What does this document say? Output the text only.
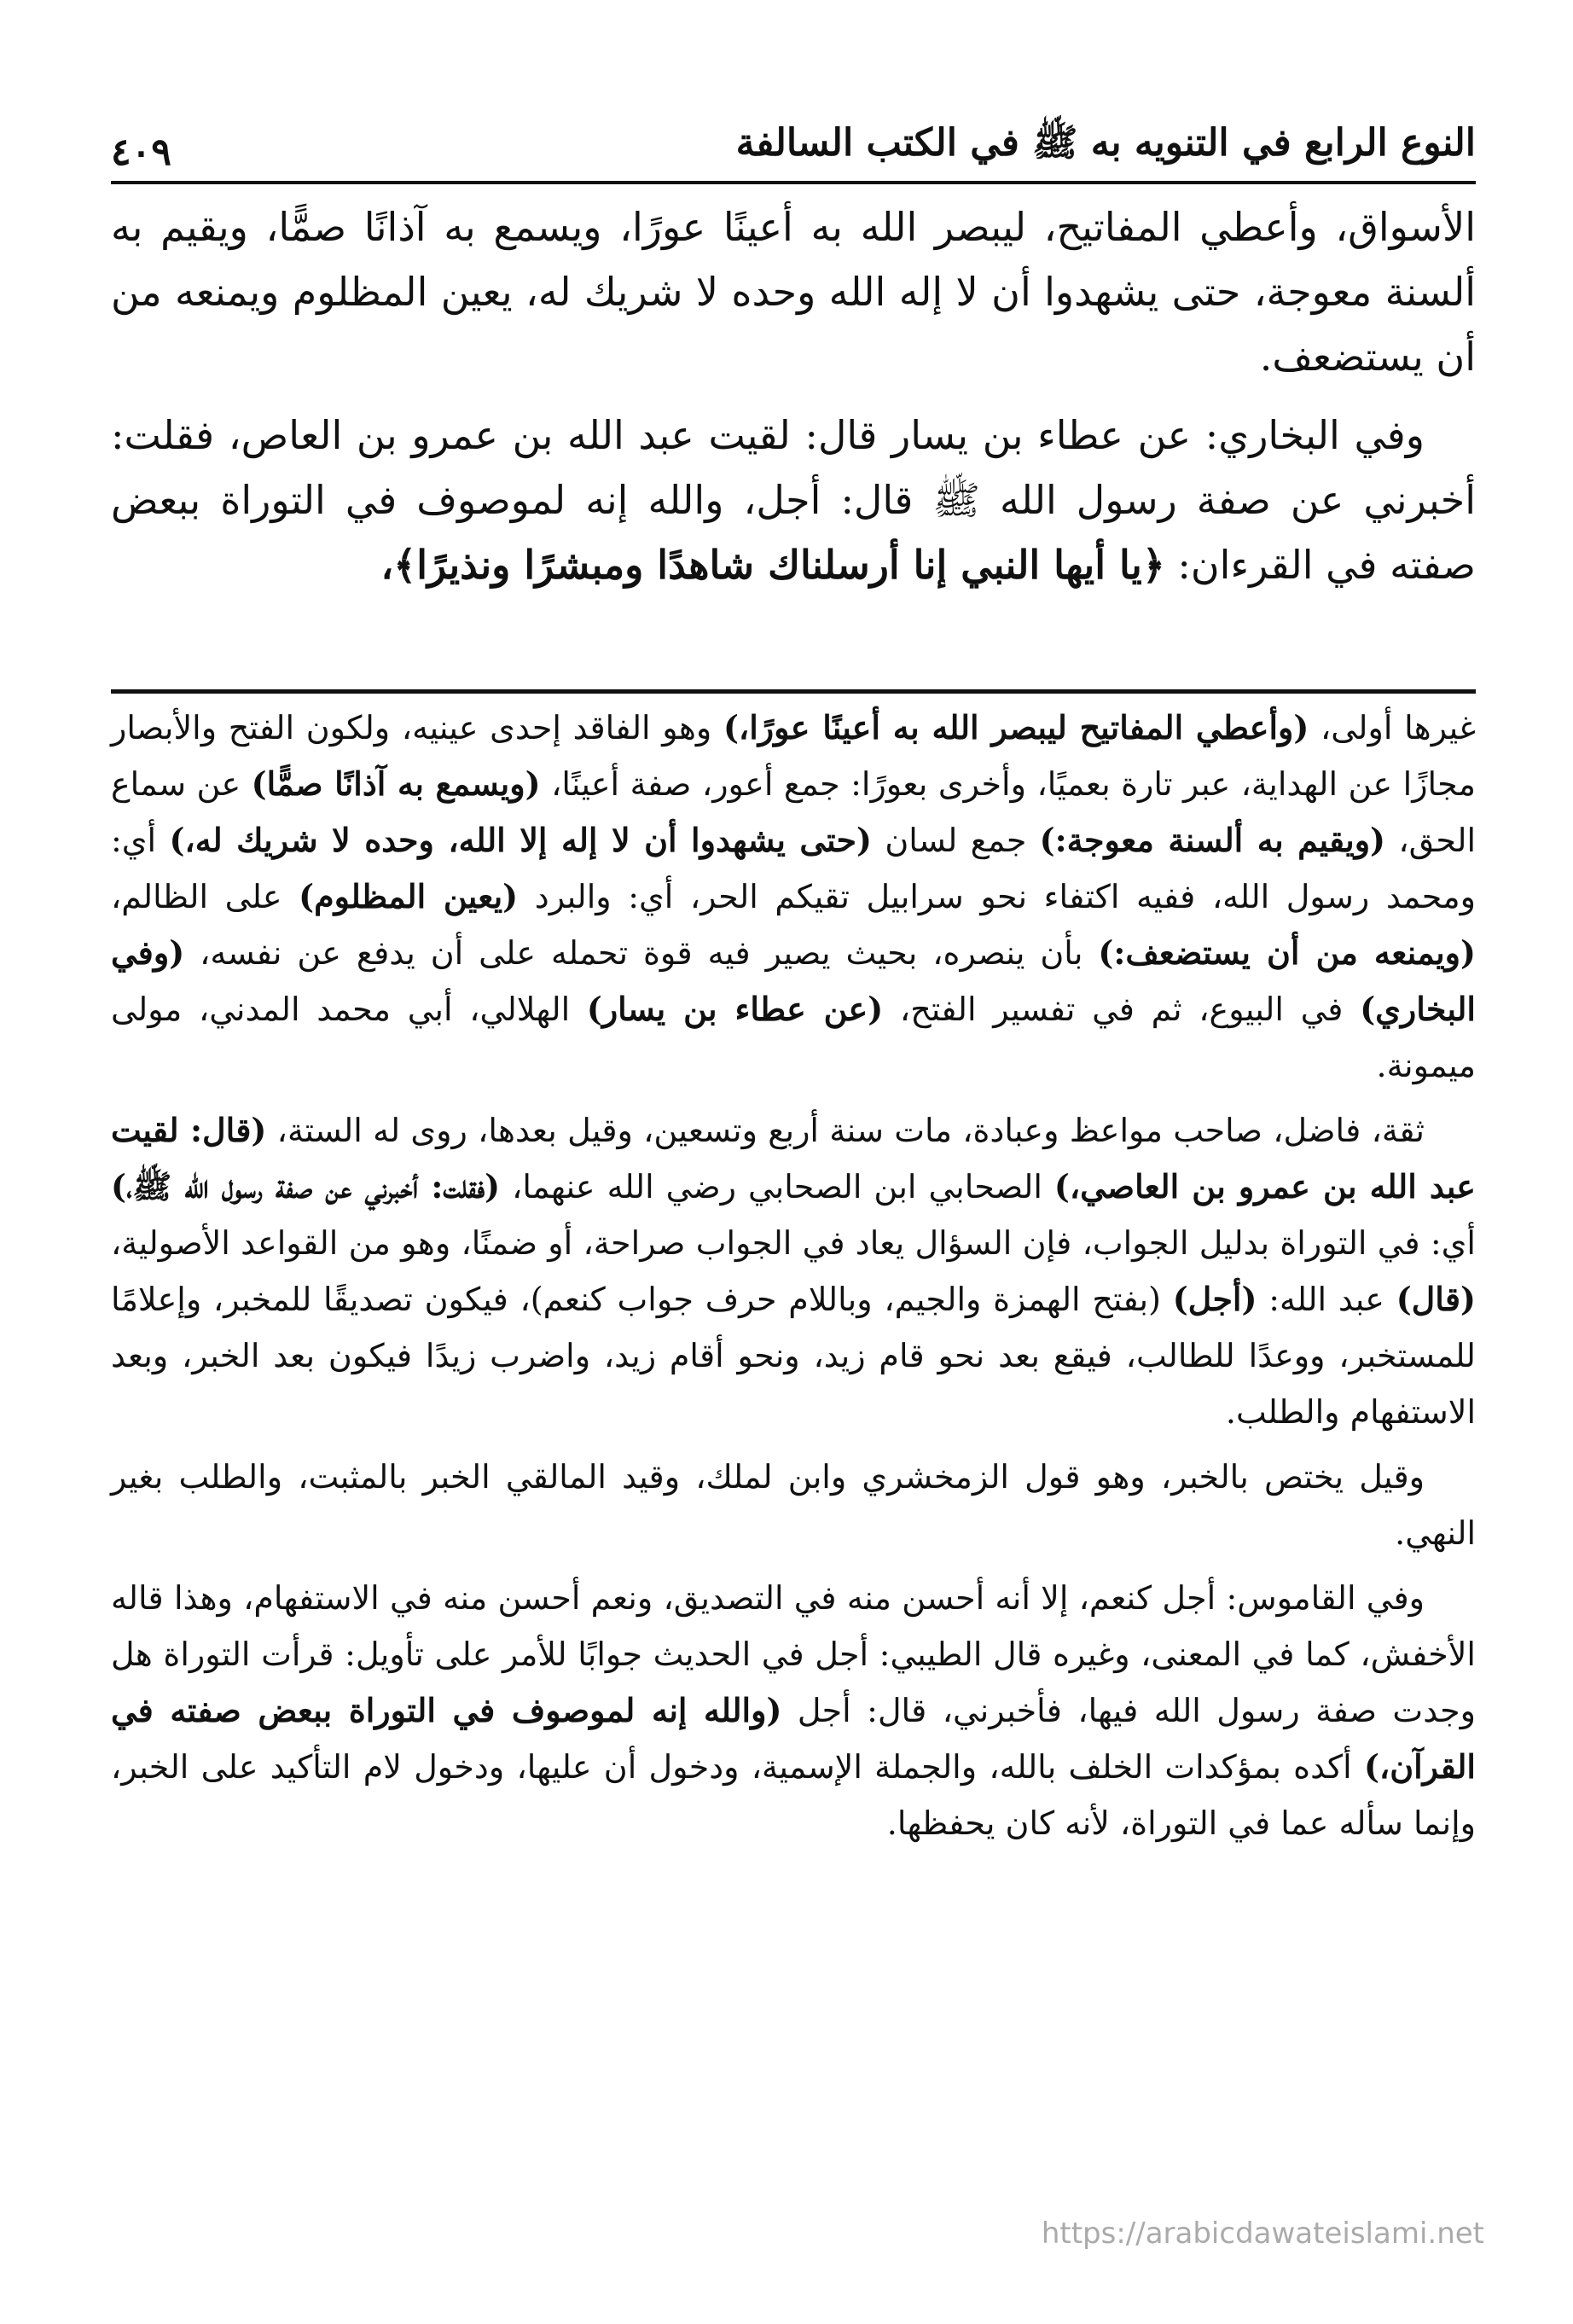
النوع الرابع في التنويه به ﷺ في الكتب السالفة
٤٠٩

الأسواق، وأعطي المفاتيح، ليبصر الله به أعينًا عورًا، ويسمع به آذانًا صمًّا، ويقيم به ألسنة معوجة، حتى يشهدوا أن لا إله الله وحده لا شريك له، يعين المظلوم ويمنعه من أن يستضعف.

وفي البخاري: عن عطاء بن يسار قال: لقيت عبد الله بن عمرو بن العاص، فقلت: أخبرني عن صفة رسول الله ﷺ قال: أجل، والله إنه لموصوف في التوراة ببعض صفته في القرءان: ﴿يا أيها النبي إنا أرسلناك شاهدًا ومبشرًا ونذيرًا﴾،

غيرها أولى، (وأعطي المفاتيح ليبصر الله به أعينًا عورًا،) وهو الفاقد إحدى عينيه، ولكون الفتح والأبصار مجازًا عن الهداية، عبر تارة بعميًا، وأخرى بعورًا: جمع أعور، صفة أعينًا، (ويسمع به آذانًا صمًّا) عن سماع الحق، (ويقيم به ألسنة معوجة:) جمع لسان (حتى يشهدوا أن لا إله إلا الله، وحده لا شريك له،) أي: ومحمد رسول الله، ففيه اكتفاء نحو سرابيل تقيكم الحر، أي: والبرد (يعين المظلوم) على الظالم، (ويمنعه من أن يستضعف:) بأن ينصره، بحيث يصير فيه قوة تحمله على أن يدفع عن نفسه، (وفي البخاري) في البيوع، ثم في تفسير الفتح، (عن عطاء بن يسار) الهلالي، أبي محمد المدني، مولى ميمونة.

ثقة، فاضل، صاحب مواعظ وعبادة، مات سنة أربع وتسعين، وقيل بعدها، روى له الستة، (قال: لقيت عبد الله بن عمرو بن العاصي،) الصحابي ابن الصحابي رضي الله عنهما، (فقلت: أخبرني عن صفة رسول الله ﷺ،) أي: في التوراة بدليل الجواب، فإن السؤال يعاد في الجواب صراحة، أو ضمنًا، وهو من القواعد الأصولية، (قال) عبد الله: (أجل) (بفتح الهمزة والجيم، وباللام حرف جواب كنعم)، فيكون تصديقًا للمخبر، وإعلامًا للمستخبر، ووعدًا للطالب، فيقع بعد نحو قام زيد، ونحو أقام زيد، واضرب زيدًا فيكون بعد الخبر، وبعد الاستفهام والطلب.

وقيل يختص بالخبر، وهو قول الزمخشري وابن لملك، وقيد المالقي الخبر بالمثبت، والطلب بغير النهي.

وفي القاموس: أجل كنعم، إلا أنه أحسن منه في التصديق، ونعم أحسن منه في الاستفهام، وهذا قاله الأخفش، كما في المعنى، وغيره قال الطيبي: أجل في الحديث جوابًا للأمر على تأويل: قرأت التوراة هل وجدت صفة رسول الله فيها، فأخبرني، قال: أجل (والله إنه لموصوف في التوراة ببعض صفته في القرآن،) أكده بمؤكدات الخلف بالله، والجملة الإسمية، ودخول أن عليها، ودخول لام التأكيد على الخبر، وإنما سأله عما في التوراة، لأنه كان يحفظها.

https://arabicdawateislami.net
